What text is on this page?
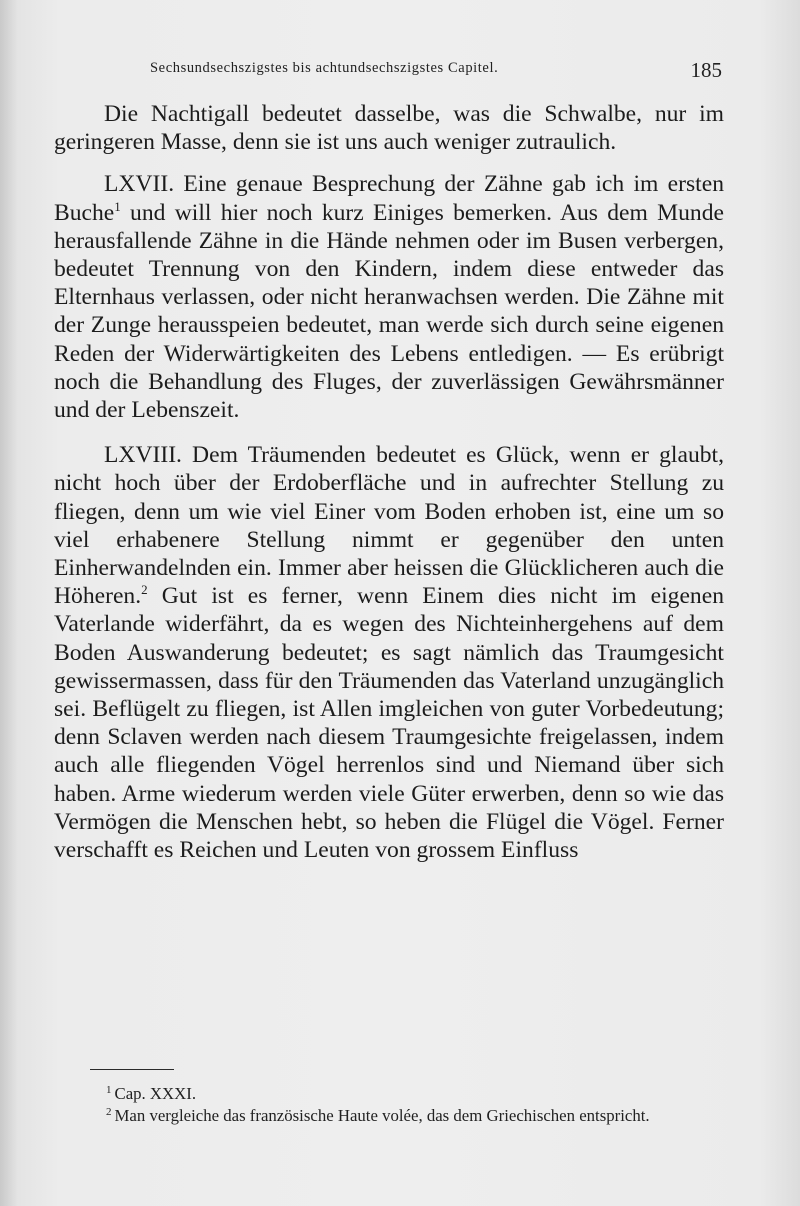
Sechsundsechszigstes bis achtundsechszigstes Capitel.	185

Die Nachtigall bedeutet dasselbe, was die Schwalbe, nur im geringeren Masse, denn sie ist uns auch weniger zutraulich.

LXVII. Eine genaue Besprechung der Zähne gab ich im ersten Buche$^1$ und will hier noch kurz Einiges bemerken. Aus dem Munde herausfallende Zähne in die Hände nehmen oder im Busen verbergen, bedeutet Trennung von den Kindern, indem diese entweder das Elternhaus verlassen, oder nicht heranwachsen werden. Die Zähne mit der Zunge herausspeien bedeutet, man werde sich durch seine eigenen Reden der Widerwärtigkeiten des Lebens entledigen. — Es erübrigt noch die Behandlung des Fluges, der zuverlässigen Gewährsmänner und der Lebenszeit.

LXVIII. Dem Träumenden bedeutet es Glück, wenn er glaubt, nicht hoch über der Erdoberfläche und in aufrechter Stellung zu fliegen, denn um wie viel Einer vom Boden erhoben ist, eine um so viel erhabenere Stellung nimmt er gegenüber den unten Einherwandelnden ein. Immer aber heissen die Glücklicheren auch die Höheren.$^2$ Gut ist es ferner, wenn Einem dies nicht im eigenen Vaterlande widerfährt, da es wegen des Nichteinhergehens auf dem Boden Auswanderung bedeutet; es sagt nämlich das Traumgesicht gewissermassen, dass für den Träumenden das Vaterland unzugänglich sei. Beflügelt zu fliegen, ist Allen imgleichen von guter Vorbedeutung; denn Sclaven werden nach diesem Traumgesichte freigelassen, indem auch alle fliegenden Vögel herrenlos sind und Niemand über sich haben. Arme wiederum werden viele Güter erwerben, denn so wie das Vermögen die Menschen hebt, so heben die Flügel die Vögel. Ferner verschafft es Reichen und Leuten von grossem Einfluss

$^1$ Cap. XXXI.

$^2$ Man vergleiche das französische Haute volée, das dem Griechischen entspricht.
